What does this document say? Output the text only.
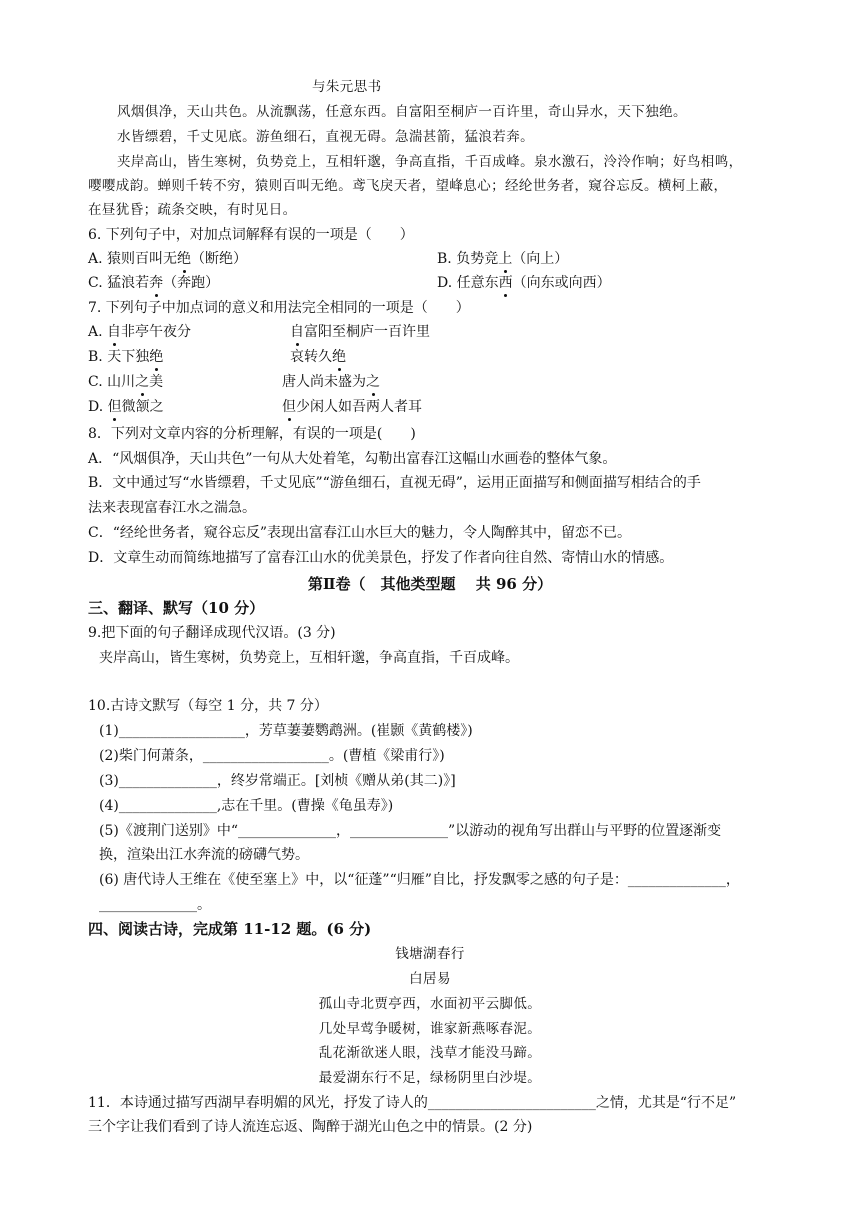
与朱元思书
风烟俱净，天山共色。从流飘荡，任意东西。自富阳至桐庐一百许里，奇山异水，天下独绝。
水皆缥碧，千丈见底。游鱼细石，直视无碍。急湍甚箭，猛浪若奔。
夹岸高山，皆生寒树，负势竞上，互相轩邈，争高直指，千百成峰。泉水激石，泠泠作响；好鸟相鸣，
嘤嘤成韵。蝉则千转不穷，猿则百叫无绝。鸢飞戾天者，望峰息心；经纶世务者，窥谷忘反。横柯上蔽，
在昼犹昏；疏条交映，有时见日。
6. 下列句子中，对加点词解释有误的一项是（　　）
A. 猿则百叫无绝（断绝）	B. 负势竞上（向上）
C. 猛浪若奔（奔跑）	D. 任意东西（向东或向西）
7. 下列句子中加点词的意义和用法完全相同的一项是（　　）
A. 自非亭午夜分	自富阳至桐庐一百许里
B. 天下独绝	哀转久绝
C. 山川之美	唐人尚未盛为之
D. 但微颔之	但少闲人如吾两人者耳
8．下列对文章内容的分析理解，有误的一项是(　　)
A．“风烟俱净，天山共色”一句从大处着笔，勾勒出富春江这幅山水画卷的整体气象。
B．文中通过写“水皆缥碧，千丈见底”“游鱼细石，直视无碍”，运用正面描写和侧面描写相结合的手
法来表现富春江水之湍急。
C．“经纶世务者，窥谷忘反”表现出富春江山水巨大的魅力，令人陶醉其中，留恋不已。
D．文章生动而简练地描写了富春江山水的优美景色，抒发了作者向往自然、寄情山水的情感。
第Ⅱ卷（　其他类型题　 共 96 分）
三、翻译、默写（10 分）
9.把下面的句子翻译成现代汉语。(3 分)
夹岸高山，皆生寒树，负势竞上，互相轩邈，争高直指，千百成峰。
10.古诗文默写（每空 1 分，共 7 分）
(1)__________________，芳草萋萋鹦鹉洲。(崔颢《黄鹤楼》)
(2)柴门何萧条，__________________。(曹植《梁甫行》)
(3)______________，终岁常端正。[刘桢《赠从弟(其二)》]
(4)______________,志在千里。(曹操《龟虽寿》)
(5)《渡荆门送别》中“______________，______________”以游动的视角写出群山与平野的位置逐渐变
换，渲染出江水奔流的磅礴气势。
(6) 唐代诗人王维在《使至塞上》中，以“征蓬”“归雁”自比，抒发飘零之感的句子是：______________，
______________。
四、阅读古诗，完成第 11-12 题。(6 分)
钱塘湖春行
白居易
孤山寺北贾亭西，水面初平云脚低。
几处早莺争暖树，谁家新燕啄春泥。
乱花渐欲迷人眼，浅草才能没马蹄。
最爱湖东行不足，绿杨阴里白沙堤。
11．本诗通过描写西湖早春明媚的风光，抒发了诗人的________________________之情，尤其是“行不足”
三个字让我们看到了诗人流连忘返、陶醉于湖光山色之中的情景。(2 分)
